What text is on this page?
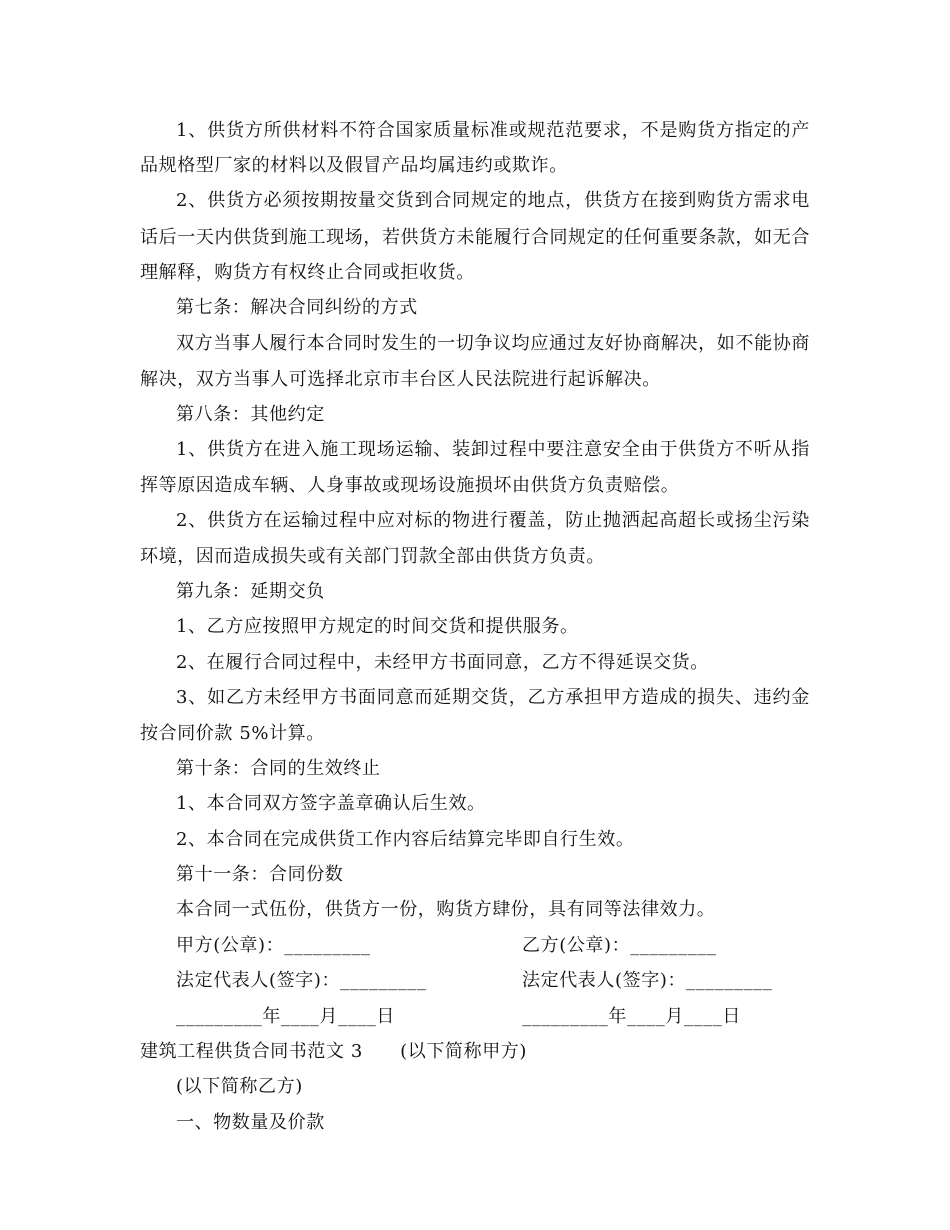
1、供货方所供材料不符合国家质量标准或规范范要求，不是购货方指定的产
品规格型厂家的材料以及假冒产品均属违约或欺诈。
2、供货方必须按期按量交货到合同规定的地点，供货方在接到购货方需求电
话后一天内供货到施工现场，若供货方未能履行合同规定的任何重要条款，如无合
理解释，购货方有权终止合同或拒收货。
第七条：解决合同纠纷的方式
双方当事人履行本合同时发生的一切争议均应通过友好协商解决，如不能协商
解决，双方当事人可选择北京市丰台区人民法院进行起诉解决。
第八条：其他约定
1、供货方在进入施工现场运输、装卸过程中要注意安全由于供货方不听从指
挥等原因造成车辆、人身事故或现场设施损坏由供货方负责赔偿。
2、供货方在运输过程中应对标的物进行覆盖，防止抛洒起高超长或扬尘污染
环境，因而造成损失或有关部门罚款全部由供货方负责。
第九条：延期交负
1、乙方应按照甲方规定的时间交货和提供服务。
2、在履行合同过程中，未经甲方书面同意，乙方不得延误交货。
3、如乙方未经甲方书面同意而延期交货，乙方承担甲方造成的损失、违约金
按合同价款 5%计算。
第十条：合同的生效终止
1、本合同双方签字盖章确认后生效。
2、本合同在完成供货工作内容后结算完毕即自行生效。
第十一条：合同份数
本合同一式伍份，供货方一份，购货方肆份，具有同等法律效力。
甲方(公章)：_________	乙方(公章)：_________
法定代表人(签字)：_________	法定代表人(签字)：_________
_________年____月____日	_________年____月____日
建筑工程供货合同书范文 3　　(以下简称甲方)
(以下简称乙方)
一、物数量及价款
